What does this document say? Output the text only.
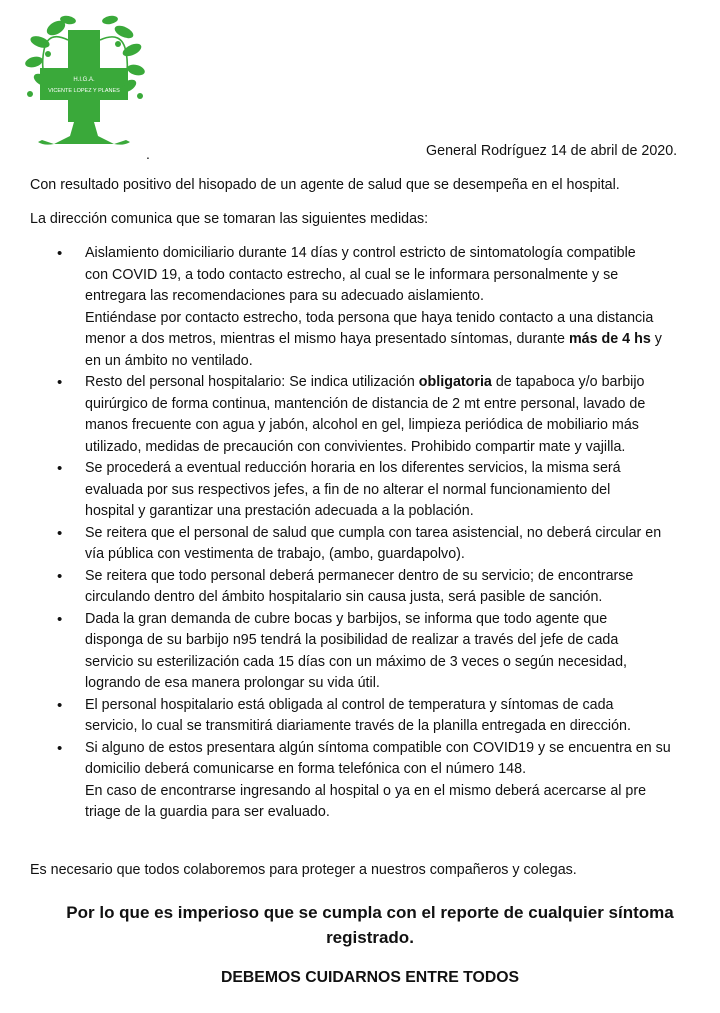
H.I.G.A.
VICENTE LOPEZ Y PLANES
.	General Rodríguez 14 de abril de 2020.
Con resultado positivo del hisopado de un agente de salud que se desempeña en el hospital.
La dirección comunica que se tomaran las siguientes medidas:
• Aislamiento domiciliario durante 14 días y control estricto de sintomatología compatible
con COVID 19, a todo contacto estrecho, al cual se le informara personalmente y se
entregara las recomendaciones para su adecuado aislamiento.
Entiéndase por contacto estrecho, toda persona que haya tenido contacto a una distancia
menor a dos metros, mientras el mismo haya presentado síntomas, durante más de 4 hs y
en un ámbito no ventilado.
• Resto del personal hospitalario: Se indica utilización obligatoria de tapaboca y/o barbijo
quirúrgico de forma continua, mantención de distancia de 2 mt entre personal, lavado de
manos frecuente con agua y jabón, alcohol en gel, limpieza periódica de mobiliario más
utilizado, medidas de precaución con convivientes. Prohibido compartir mate y vajilla.
• Se procederá a eventual reducción horaria en los diferentes servicios, la misma será
evaluada por sus respectivos jefes, a fin de no alterar el normal funcionamiento del
hospital y garantizar una prestación adecuada a la población.
• Se reitera que el personal de salud que cumpla con tarea asistencial, no deberá circular en
vía pública con vestimenta de trabajo, (ambo, guardapolvo).
• Se reitera que todo personal deberá permanecer dentro de su servicio; de encontrarse
circulando dentro del ámbito hospitalario sin causa justa, será pasible de sanción.
• Dada la gran demanda de cubre bocas y barbijos, se informa que todo agente que
disponga de su barbijo n95 tendrá la posibilidad de realizar a través del jefe de cada
servicio su esterilización cada 15 días con un máximo de 3 veces o según necesidad,
logrando de esa manera prolongar su vida útil.
• El personal hospitalario está obligada al control de temperatura y síntomas de cada
servicio, lo cual se transmitirá diariamente través de la planilla entregada en dirección.
• Si alguno de estos presentara algún síntoma compatible con COVID19 y se encuentra en su
domicilio deberá comunicarse en forma telefónica con el número 148.
En caso de encontrarse ingresando al hospital o ya en el mismo deberá acercarse al pre
triage de la guardia para ser evaluado.
Es necesario que todos colaboremos para proteger a nuestros compañeros y colegas.
Por lo que es imperioso que se cumpla con el reporte de cualquier síntoma
registrado.
DEBEMOS CUIDARNOS ENTRE TODOS
